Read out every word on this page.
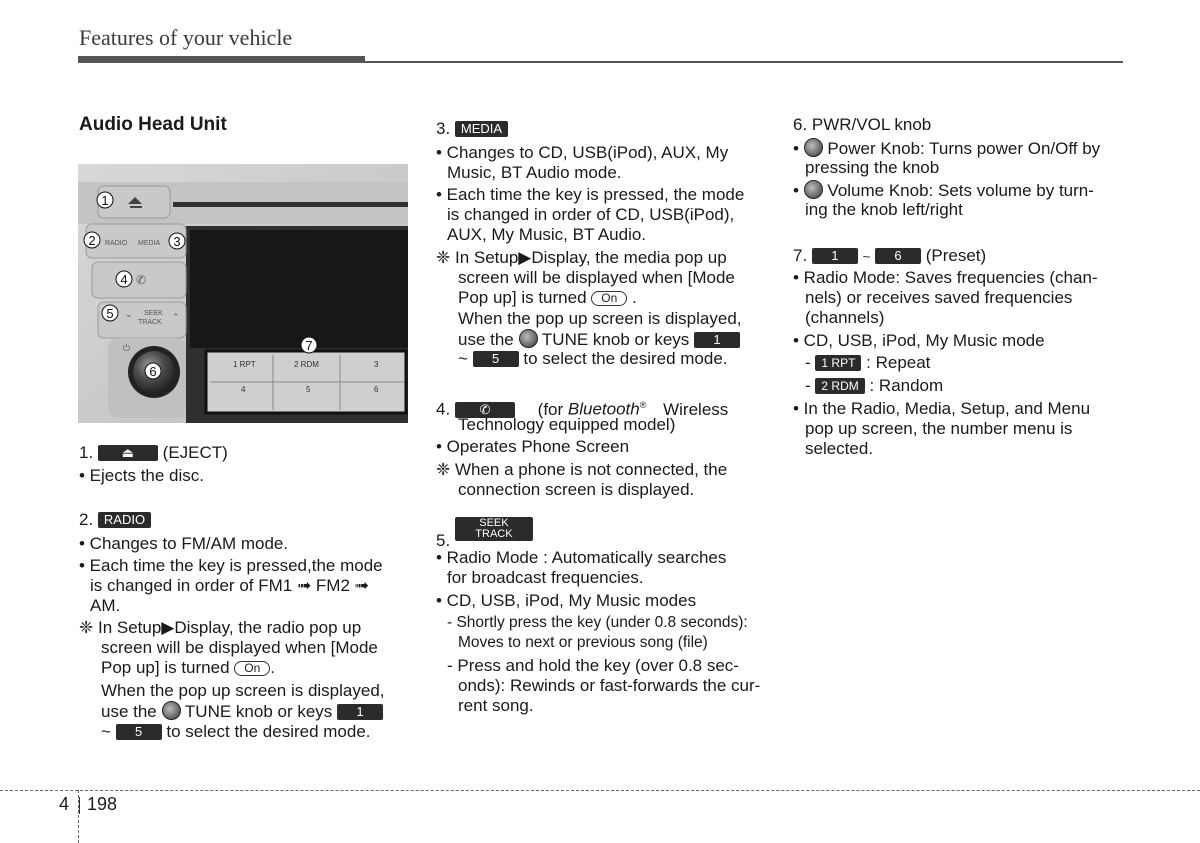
Features of your vehicle
Audio Head Unit
RADIO MEDIA
SEEK
TRACK
⌄	⌃
✆
⏻
1 RPT	2 RDM	3
4	5	6
1
2	3
4
5
6
7
1. ⏏ (EJECT)
• Ejects the disc.
2. RADIO
• Changes to FM/AM mode.
• Each time the key is pressed,the mode
is changed in order of FM1 ➟ FM2 ➟
AM.
❈ In Setup▶Display, the radio pop up
screen will be displayed when [Mode
Pop up] is turned On .
When the pop up screen is displayed,
use the TUNE knob or keys 1
~ 5 to select the desired mode.
3. MEDIA
• Changes to CD, USB(iPod), AUX, My
Music, BT Audio mode.
• Each time the key is pressed, the mode
is changed in order of CD, USB(iPod),
AUX, My Music, BT Audio.
❈ In Setup▶Display, the media pop up
screen will be displayed when [Mode
Pop up] is turned On .
When the pop up screen is displayed,
use the TUNE knob or keys 1
~ 5 to select the desired mode.
4. ✆	(for Bluetooth® Wireless
Technology equipped model)
• Operates Phone Screen
❈ When a phone is not connected, the
connection screen is displayed.
5. SEEK
TRACK
• Radio Mode : Automatically searches
for broadcast frequencies.
• CD, USB, iPod, My Music modes
- Shortly press the key (under 0.8 seconds):
Moves to next or previous song (file)
- Press and hold the key (over 0.8 sec-
onds): Rewinds or fast-forwards the cur-
rent song.
6. PWR/VOL knob
• Power Knob: Turns power On/Off by
pressing the knob
• Volume Knob: Sets volume by turn-
ing the knob left/right
7. 1 ~ 6 (Preset)
• Radio Mode: Saves frequencies (chan-
nels) or receives saved frequencies
(channels)
• CD, USB, iPod, My Music mode
- 1 RPT : Repeat
- 2 RDM : Random
• In the Radio, Media, Setup, and Menu
pop up screen, the number menu is
selected.
4 198
